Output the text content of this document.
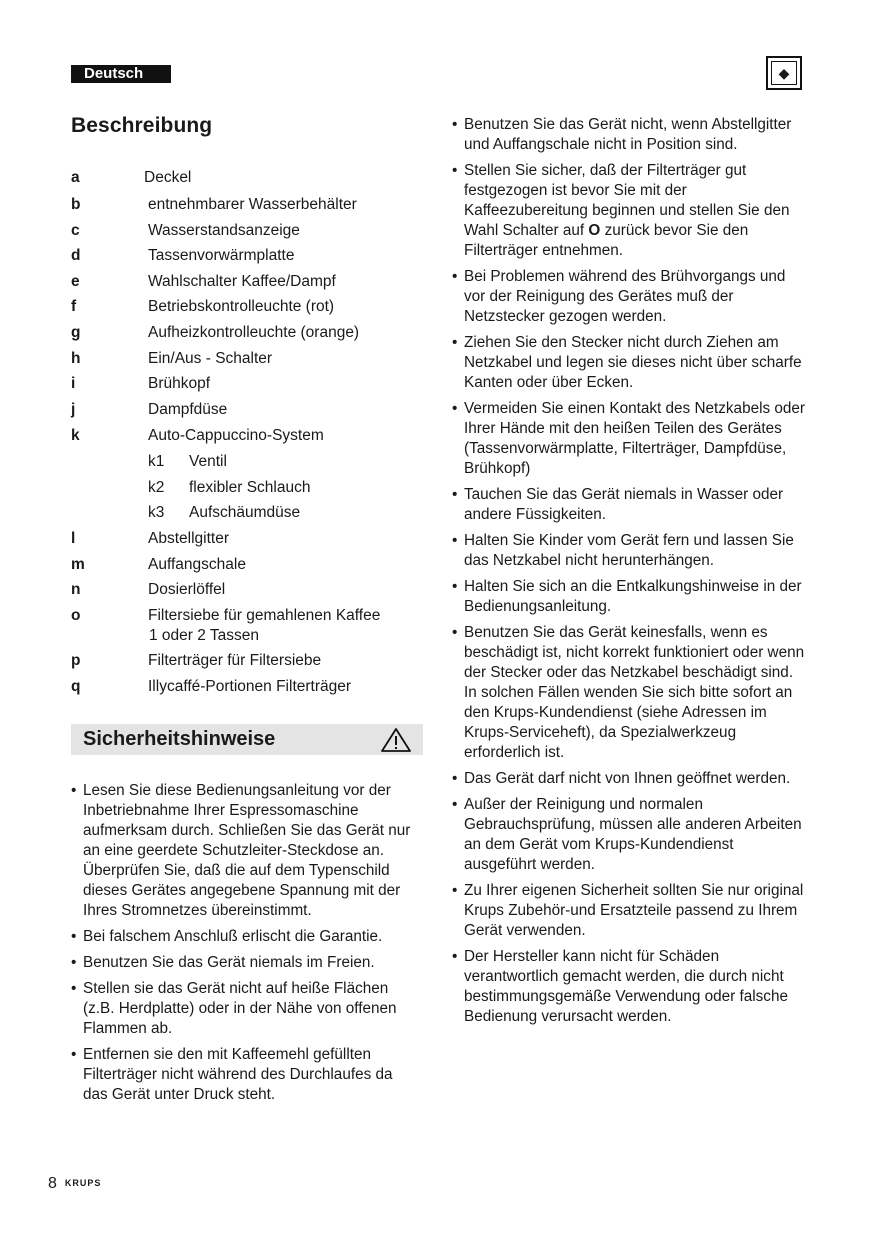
Deutsch	◆
Beschreibung
a	Deckel
b	entnehmbarer Wasserbehälter
c	Wasserstandsanzeige
d	Tassenvorwärmplatte
e	Wahlschalter Kaffee/Dampf
f	Betriebskontrolleuchte (rot)
g	Aufheizkontrolleuchte (orange)
h	Ein/Aus - Schalter
i	Brühkopf
j	Dampfdüse
k	Auto-Cappuccino-System
k1 Ventil
k2 flexibler Schlauch
k3 Aufschäumdüse
l	Abstellgitter
m	Auffangschale
n	Dosierlöffel
o	Filtersiebe für gemahlenen Kaffee
1 oder 2 Tassen
p	Filterträger für Filtersiebe
q	Illycaffé-Portionen Filterträger
Sicherheitshinweise
• Lesen Sie diese Bedienungsanleitung vor der Inbetriebnahme Ihrer Espressomaschine aufmerksam durch. Schließen Sie das Gerät nur an eine geerdete Schutzleiter-Steckdose an. Überprüfen Sie, daß die auf dem Typenschild dieses Gerätes angegebene Spannung mit der Ihres Stromnetzes übereinstimmt.
• Bei falschem Anschluß erlischt die Garantie.
• Benutzen Sie das Gerät niemals im Freien.
• Stellen sie das Gerät nicht auf heiße Flächen (z.B. Herdplatte) oder in der Nähe von offenen Flammen ab.
• Entfernen sie den mit Kaffeemehl gefüllten Filterträger nicht während des Durchlaufes da das Gerät unter Druck steht.
• Benutzen Sie das Gerät nicht, wenn Abstellgitter und Auffangschale nicht in Position sind.
• Stellen Sie sicher, daß der Filterträger gut festgezogen ist bevor Sie mit der Kaffeezubereitung beginnen und stellen Sie den Wahl Schalter auf O zurück bevor Sie den Filterträger entnehmen.
• Bei Problemen während des Brühvorgangs und vor der Reinigung des Gerätes muß der Netzstecker gezogen werden.
• Ziehen Sie den Stecker nicht durch Ziehen am Netzkabel und legen sie dieses nicht über scharfe Kanten oder über Ecken.
• Vermeiden Sie einen Kontakt des Netzkabels oder Ihrer Hände mit den heißen Teilen des Gerätes (Tassenvorwärmplatte, Filterträger, Dampfdüse, Brühkopf)
• Tauchen Sie das Gerät niemals in Wasser oder andere Füssigkeiten.
• Halten Sie Kinder vom Gerät fern und lassen Sie das Netzkabel nicht herunterhängen.
• Halten Sie sich an die Entkalkungshinweise in der Bedienungsanleitung.
• Benutzen Sie das Gerät keinesfalls, wenn es beschädigt ist, nicht korrekt funktioniert oder wenn der Stecker oder das Netzkabel beschädigt sind. In solchen Fällen wenden Sie sich bitte sofort an den Krups-Kundendienst (siehe Adressen im Krups-Serviceheft), da Spezialwerkzeug erforderlich ist.
• Das Gerät darf nicht von Ihnen geöffnet werden.
• Außer der Reinigung und normalen Gebrauchsprüfung, müssen alle anderen Arbeiten an dem Gerät vom Krups-Kundendienst ausgeführt werden.
• Zu Ihrer eigenen Sicherheit sollten Sie nur original Krups Zubehör-und Ersatzteile passend zu Ihrem Gerät verwenden.
• Der Hersteller kann nicht für Schäden verantwortlich gemacht werden, die durch nicht bestimmungsgemäße Verwendung oder falsche Bedienung verursacht werden.
8 KRUPS
